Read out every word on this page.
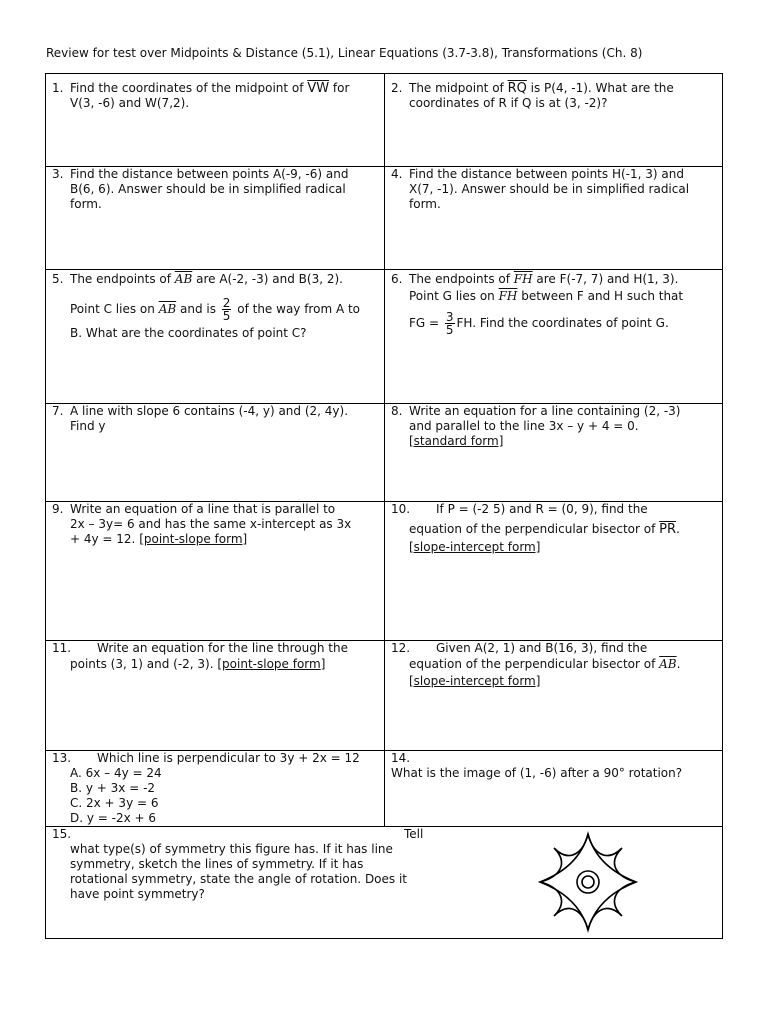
Review for test over Midpoints & Distance (5.1), Linear Equations (3.7-3.8), Transformations (Ch. 8)
1. Find the coordinates of the midpoint of $\overline{VW}$ for
V(3, -6) and W(7,2).
2. The midpoint of $\overline{RQ}$ is P(4, -1). What are the
coordinates of R if Q is at (3, -2)?
3. Find the distance between points A(-9, -6) and
B(6, 6). Answer should be in simplified radical
form.
4. Find the distance between points H(-1, 3) and
X(7, -1). Answer should be in simplified radical
form.
5. The endpoints of $\overline{AB}$ are A(-2, -3) and B(3, 2).
Point C lies on $\overline{AB}$ and is $\frac{2}{5}$ of the way from A to
B. What are the coordinates of point C?
6. The endpoints of $\overline{FH}$ are F(-7, 7) and H(1, 3).
Point G lies on $\overline{FH}$ between F and H such that
FG = $\frac{3}{5}$ FH. Find the coordinates of point G.
7. A line with slope 6 contains (-4, y) and (2, 4y).
Find y
8. Write an equation for a line containing (2, -3)
and parallel to the line 3x – y + 4 = 0.
[standard form]
9. Write an equation of a line that is parallel to
2x – 3y= 6 and has the same x-intercept as 3x
+ 4y = 12. [point-slope form]
10. If P = (-2 5) and R = (0, 9), find the
equation of the perpendicular bisector of $\overline{PR}$.
[slope-intercept form]
11. Write an equation for the line through the
points (3, 1) and (-2, 3). [point-slope form]
12. Given A(2, 1) and B(16, 3), find the
equation of the perpendicular bisector of $\overline{AB}$.
[slope-intercept form]
13. Which line is perpendicular to 3y + 2x = 12
A. 6x – 4y = 24
B. y + 3x = -2
C. 2x + 3y = 6
D. y = -2x + 6
14.
What is the image of (1, -6) after a 90° rotation?
15.	Tell
what type(s) of symmetry this figure has. If it has line
symmetry, sketch the lines of symmetry. If it has
rotational symmetry, state the angle of rotation. Does it
have point symmetry?
